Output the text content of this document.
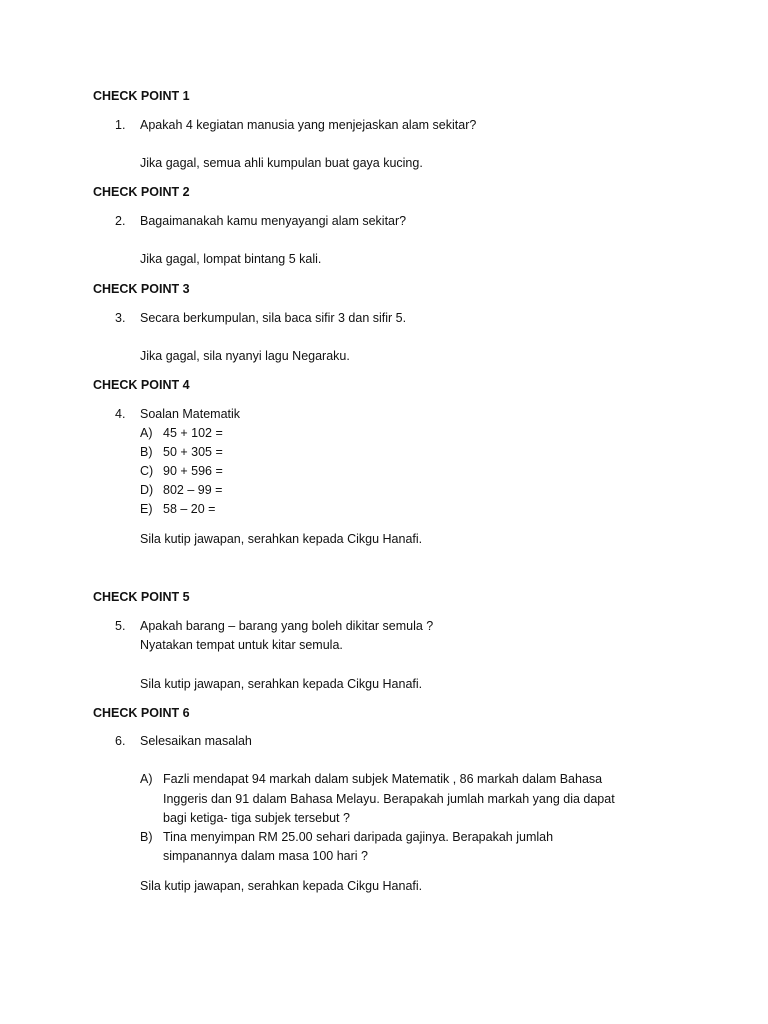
CHECK POINT 1
1. Apakah 4 kegiatan manusia yang menjejaskan alam sekitar?
Jika gagal, semua ahli kumpulan buat gaya kucing.
CHECK POINT 2
2. Bagaimanakah kamu menyayangi alam sekitar?
Jika gagal, lompat bintang 5 kali.
CHECK POINT 3
3. Secara berkumpulan, sila baca sifir 3 dan sifir 5.
Jika gagal, sila nyanyi lagu Negaraku.
CHECK POINT 4
4. Soalan Matematik
A) 45 + 102 =
B) 50 + 305 =
C) 90 + 596 =
D) 802 – 99 =
E) 58 – 20 =
Sila kutip jawapan, serahkan kepada Cikgu Hanafi.
CHECK POINT 5
5. Apakah barang – barang yang boleh dikitar semula ?
Nyatakan tempat untuk kitar semula.
Sila kutip jawapan, serahkan kepada Cikgu Hanafi.
CHECK POINT 6
6. Selesaikan masalah
A) Fazli mendapat 94 markah dalam subjek Matematik , 86 markah dalam Bahasa
Inggeris dan 91 dalam Bahasa Melayu. Berapakah jumlah markah yang dia dapat
bagi ketiga- tiga subjek tersebut ?
B) Tina menyimpan RM 25.00 sehari daripada gajinya. Berapakah jumlah
simpanannya dalam masa 100 hari ?
Sila kutip jawapan, serahkan kepada Cikgu Hanafi.
